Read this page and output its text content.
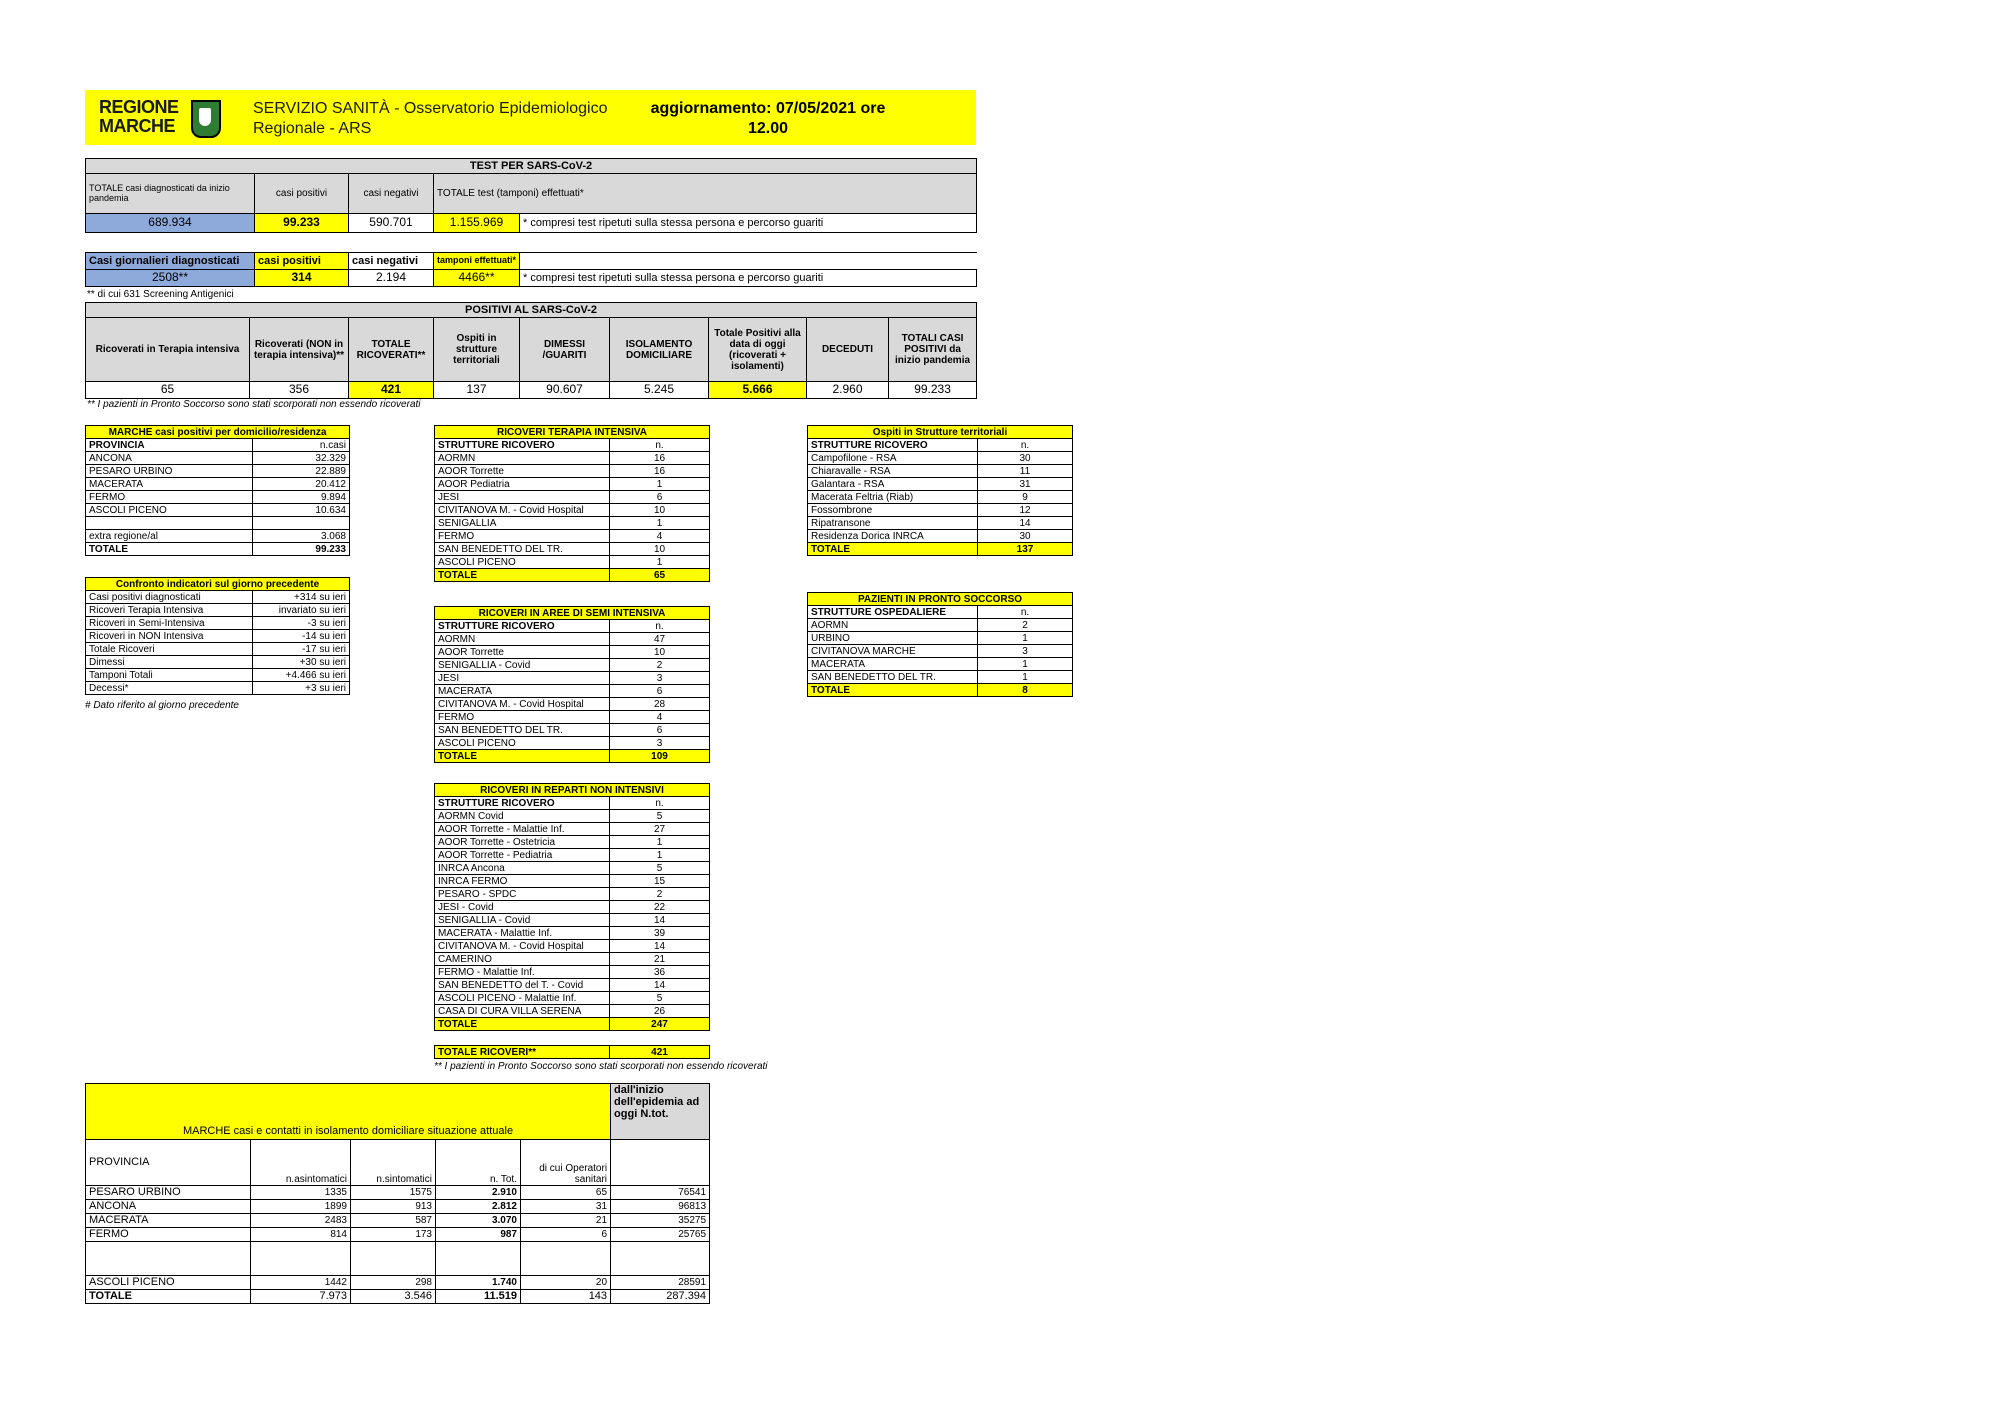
REGIONE
MARCHE
SERVIZIO SANITÀ - Osservatorio Epidemiologico Regionale - ARS
aggiornamento: 07/05/2021 ore 12.00
TEST PER SARS-CoV-2				
TOTALE casi diagnosticati da inizio pandemia	casi positivi	casi negativi	TOTALE test (tamponi) effettuati*	
689.934	99.233	590.701	1.155.969	* compresi test ripetuti sulla stessa persona e percorso guariti
Casi giornalieri diagnosticati	casi positivi	casi negativi	tamponi effettuati*	
2508**	314	2.194	4466**	* compresi test ripetuti sulla stessa persona e percorso guariti
** di cui 631 Screening Antigenici
POSITIVI AL SARS-CoV-2								
Ricoverati in Terapia intensiva	Ricoverati (NON in terapia intensiva)**	TOTALE RICOVERATI**	Ospiti in strutture territoriali	DIMESSI /GUARITI	ISOLAMENTO DOMICILIARE	Totale Positivi alla data di oggi (ricoverati + isolamenti)	DECEDUTI	TOTALI CASI POSITIVI da inizio pandemia
65	356	421	137	90.607	5.245	5.666	2.960	99.233
** I pazienti in Pronto Soccorso sono stati scorporati non essendo ricoverati
MARCHE casi positivi per domicilio/residenza	
PROVINCIA	n.casi
ANCONA	32.329
PESARO URBINO	22.889
MACERATA	20.412
FERMO	9.894
ASCOLI PICENO	10.634

extra regione/al	3.068
TOTALE	99.233
Confronto indicatori sul giorno precedente	
Casi positivi diagnosticati	+314 su ieri
Ricoveri Terapia Intensiva	invariato su ieri
Ricoveri in Semi-Intensiva	-3 su ieri
Ricoveri in NON Intensiva	-14 su ieri
Totale Ricoveri	-17 su ieri
Dimessi	+30 su ieri
Tamponi Totali	+4.466 su ieri
Decessi*	+3 su ieri
# Dato riferito al giorno precedente
RICOVERI TERAPIA INTENSIVA	
STRUTTURE RICOVERO	n.
AORMN	16
AOOR Torrette	16
AOOR Pediatria	1
JESI	6
CIVITANOVA M. - Covid Hospital	10
SENIGALLIA	1
FERMO	4
SAN BENEDETTO DEL TR.	10
ASCOLI PICENO	1
TOTALE	65
RICOVERI IN AREE DI SEMI INTENSIVA	
STRUTTURE RICOVERO	n.
AORMN	47
AOOR Torrette	10
SENIGALLIA - Covid	2
JESI	3
MACERATA	6
CIVITANOVA M. - Covid Hospital	28
FERMO	4
SAN BENEDETTO DEL TR.	6
ASCOLI PICENO	3
TOTALE	109
RICOVERI IN REPARTI NON INTENSIVI	
STRUTTURE RICOVERO	n.
AORMN Covid	5
AOOR Torrette - Malattie Inf.	27
AOOR Torrette - Ostetricia	1
AOOR Torrette - Pediatria	1
INRCA Ancona	5
INRCA FERMO	15
PESARO - SPDC	2
JESI - Covid	22
SENIGALLIA - Covid	14
MACERATA - Malattie Inf.	39
CIVITANOVA M. - Covid Hospital	14
CAMERINO	21
FERMO - Malattie Inf.	36
SAN BENEDETTO del T. - Covid	14
ASCOLI PICENO - Malattie Inf.	5
CASA DI CURA VILLA SERENA	26
TOTALE	247
TOTALE RICOVERI**	421
** I pazienti in Pronto Soccorso sono stati scorporati non essendo ricoverati
Ospiti in Strutture territoriali	
STRUTTURE RICOVERO	n.
Campofilone - RSA	30
Chiaravalle - RSA	11
Galantara - RSA	31
Macerata Feltria (Riab)	9
Fossombrone	12
Ripatransone	14
Residenza Dorica INRCA	30
TOTALE	137
PAZIENTI IN PRONTO SOCCORSO	
STRUTTURE OSPEDALIERE	n.
AORMN	2
URBINO	1
CIVITANOVA MARCHE	3
MACERATA	1
SAN BENEDETTO DEL TR.	1
TOTALE	8
MARCHE casi e contatti in isolamento domiciliare situazione attuale					dall'inizio dell'epidemia ad oggi N.tot.
PROVINCIA	n.asintomatici	n.sintomatici	n. Tot.	di cui Operatori sanitari	
PESARO URBINO	1335	1575	2.910	65	76541
ANCONA	1899	913	2.812	31	96813
MACERATA	2483	587	3.070	21	35275
FERMO	814	173	987	6	25765

ASCOLI PICENO	1442	298	1.740	20	28591
TOTALE	7.973	3.546	11.519	143	287.394
